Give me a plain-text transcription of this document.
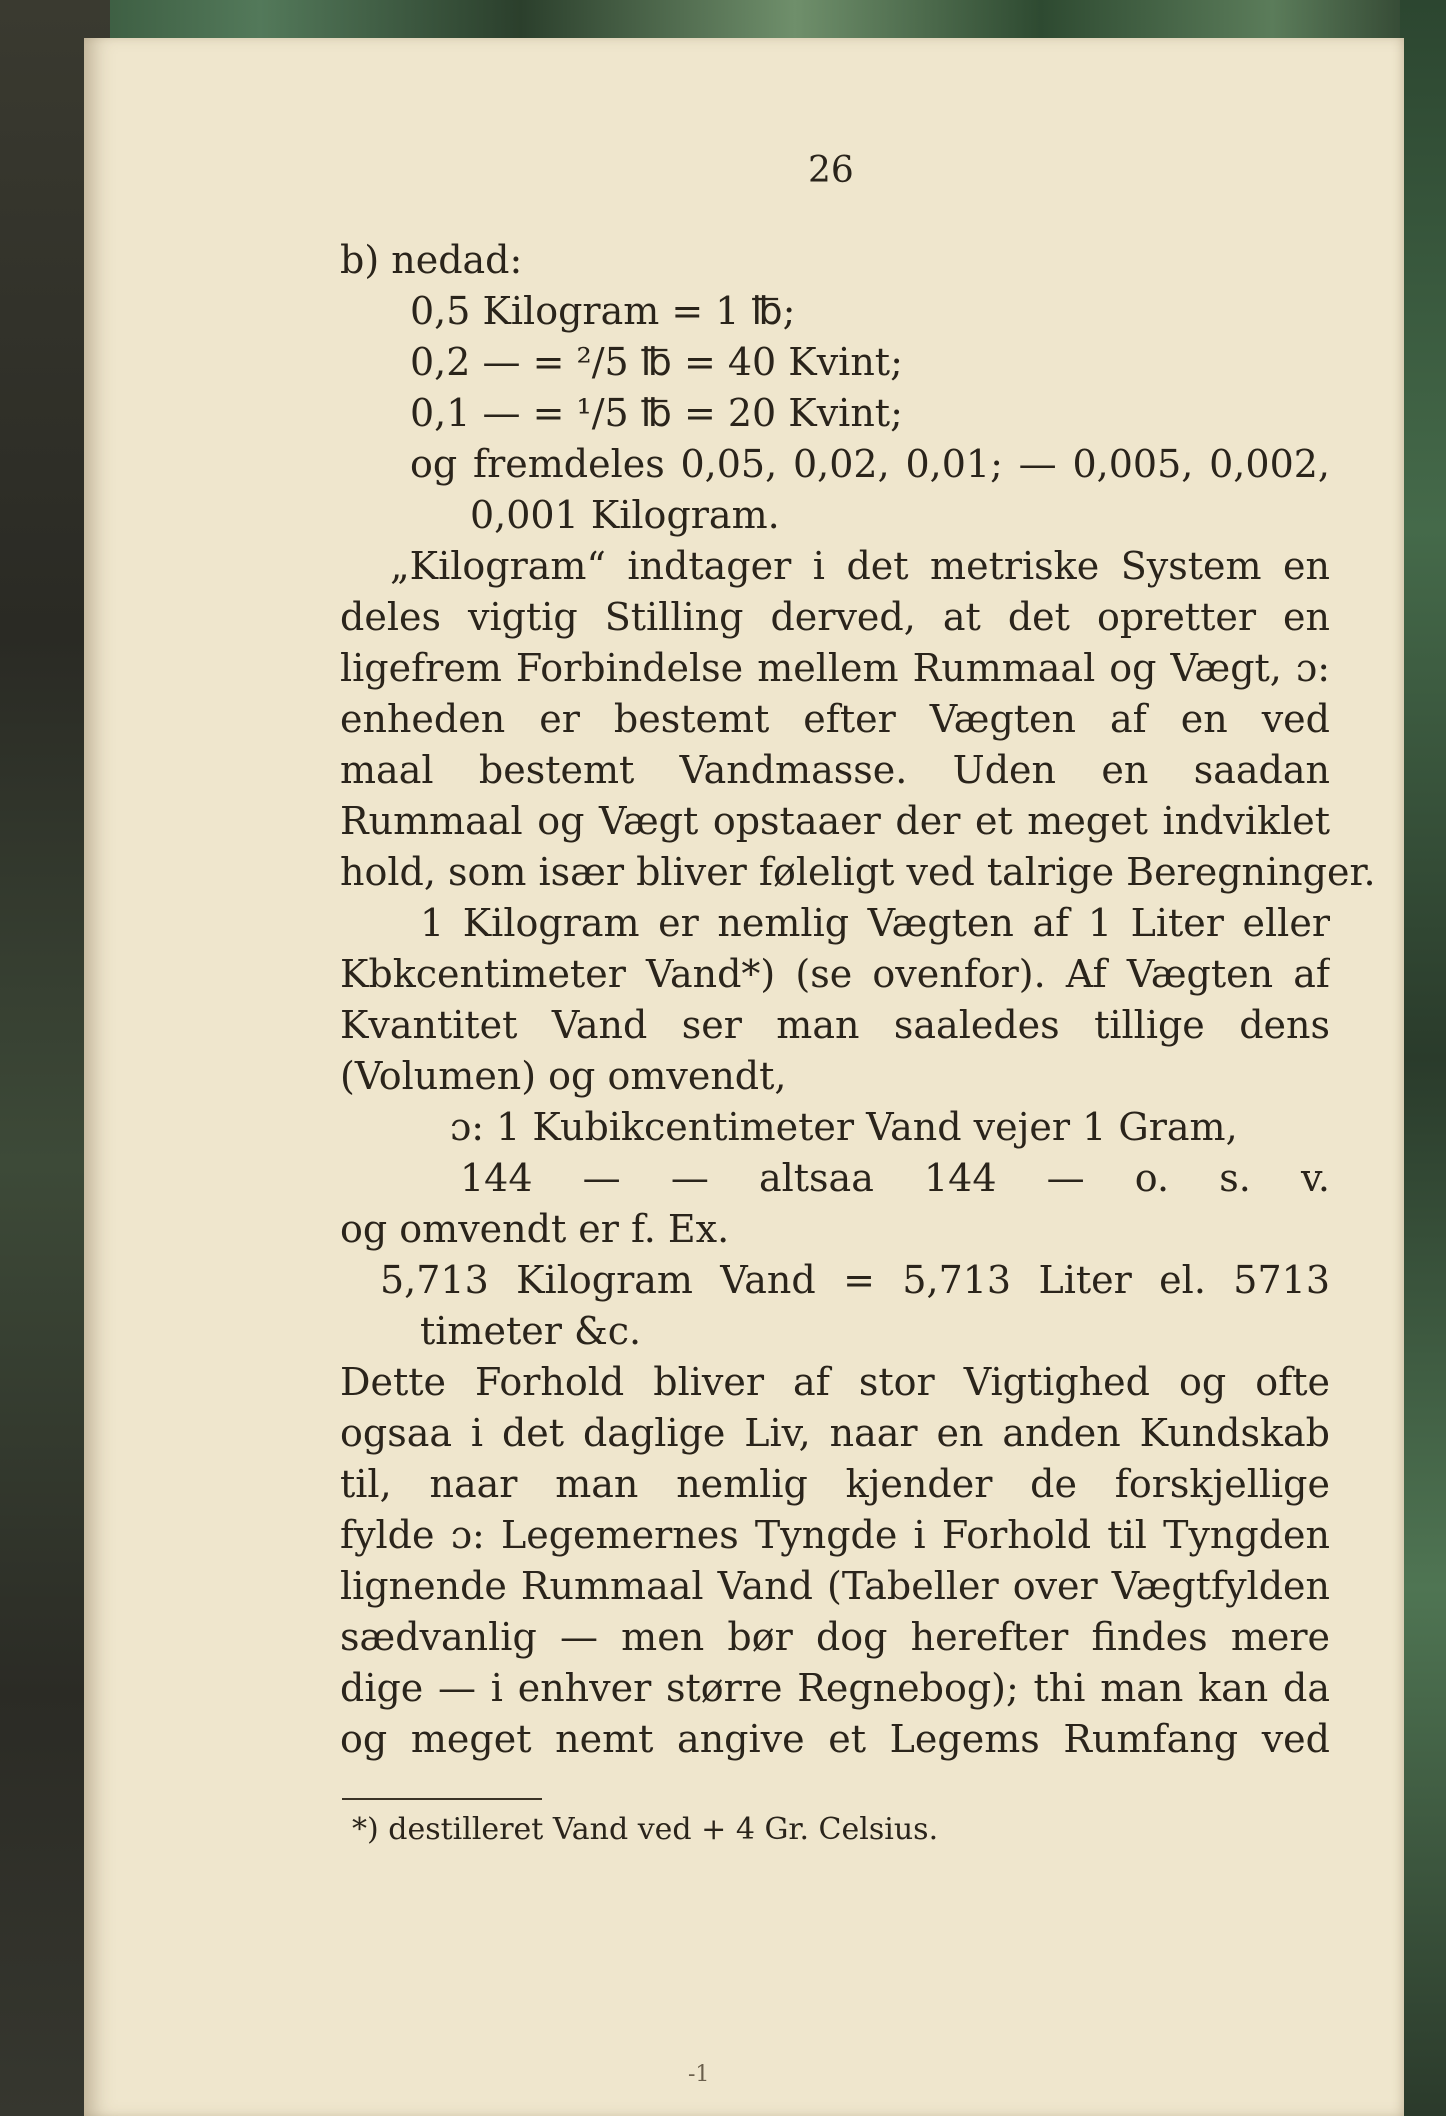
26
b) nedad:
0,5 Kilogram = 1 ℔;
0,2 — = ²/5 ℔ = 40 Kvint;
0,1 — = ¹/5 ℔ = 20 Kvint;
og fremdeles 0,05, 0,02, 0,01; — 0,005, 0,002,
0,001 Kilogram.
„Kilogram“ indtager i det metriske System en
deles vigtig Stilling derved, at det opretter en
ligefrem Forbindelse mellem Rummaal og Vægt, ɔ:
enheden er bestemt efter Vægten af en ved
maal bestemt Vandmasse. Uden en saadan
Rummaal og Vægt opstaaer der et meget indviklet
hold, som især bliver føleligt ved talrige Beregninger.
1 Kilogram er nemlig Vægten af 1 Liter eller
Kbkcentimeter Vand*) (se ovenfor). Af Vægten af
Kvantitet Vand ser man saaledes tillige dens
(Volumen) og omvendt,
ɔ: 1 Kubikcentimeter Vand vejer 1 Gram,
144 — — altsaa 144 — o. s. v.
og omvendt er f. Ex.
5,713 Kilogram Vand = 5,713 Liter el. 5713
timeter &c.
Dette Forhold bliver af stor Vigtighed og ofte
ogsaa i det daglige Liv, naar en anden Kundskab
til, naar man nemlig kjender de forskjellige
fylde ɔ: Legemernes Tyngde i Forhold til Tyngden
lignende Rummaal Vand (Tabeller over Vægtfylden
sædvanlig — men bør dog herefter findes mere
dige — i enhver større Regnebog); thi man kan da
og meget nemt angive et Legems Rumfang ved
*) destilleret Vand ved + 4 Gr. Celsius.
-1
